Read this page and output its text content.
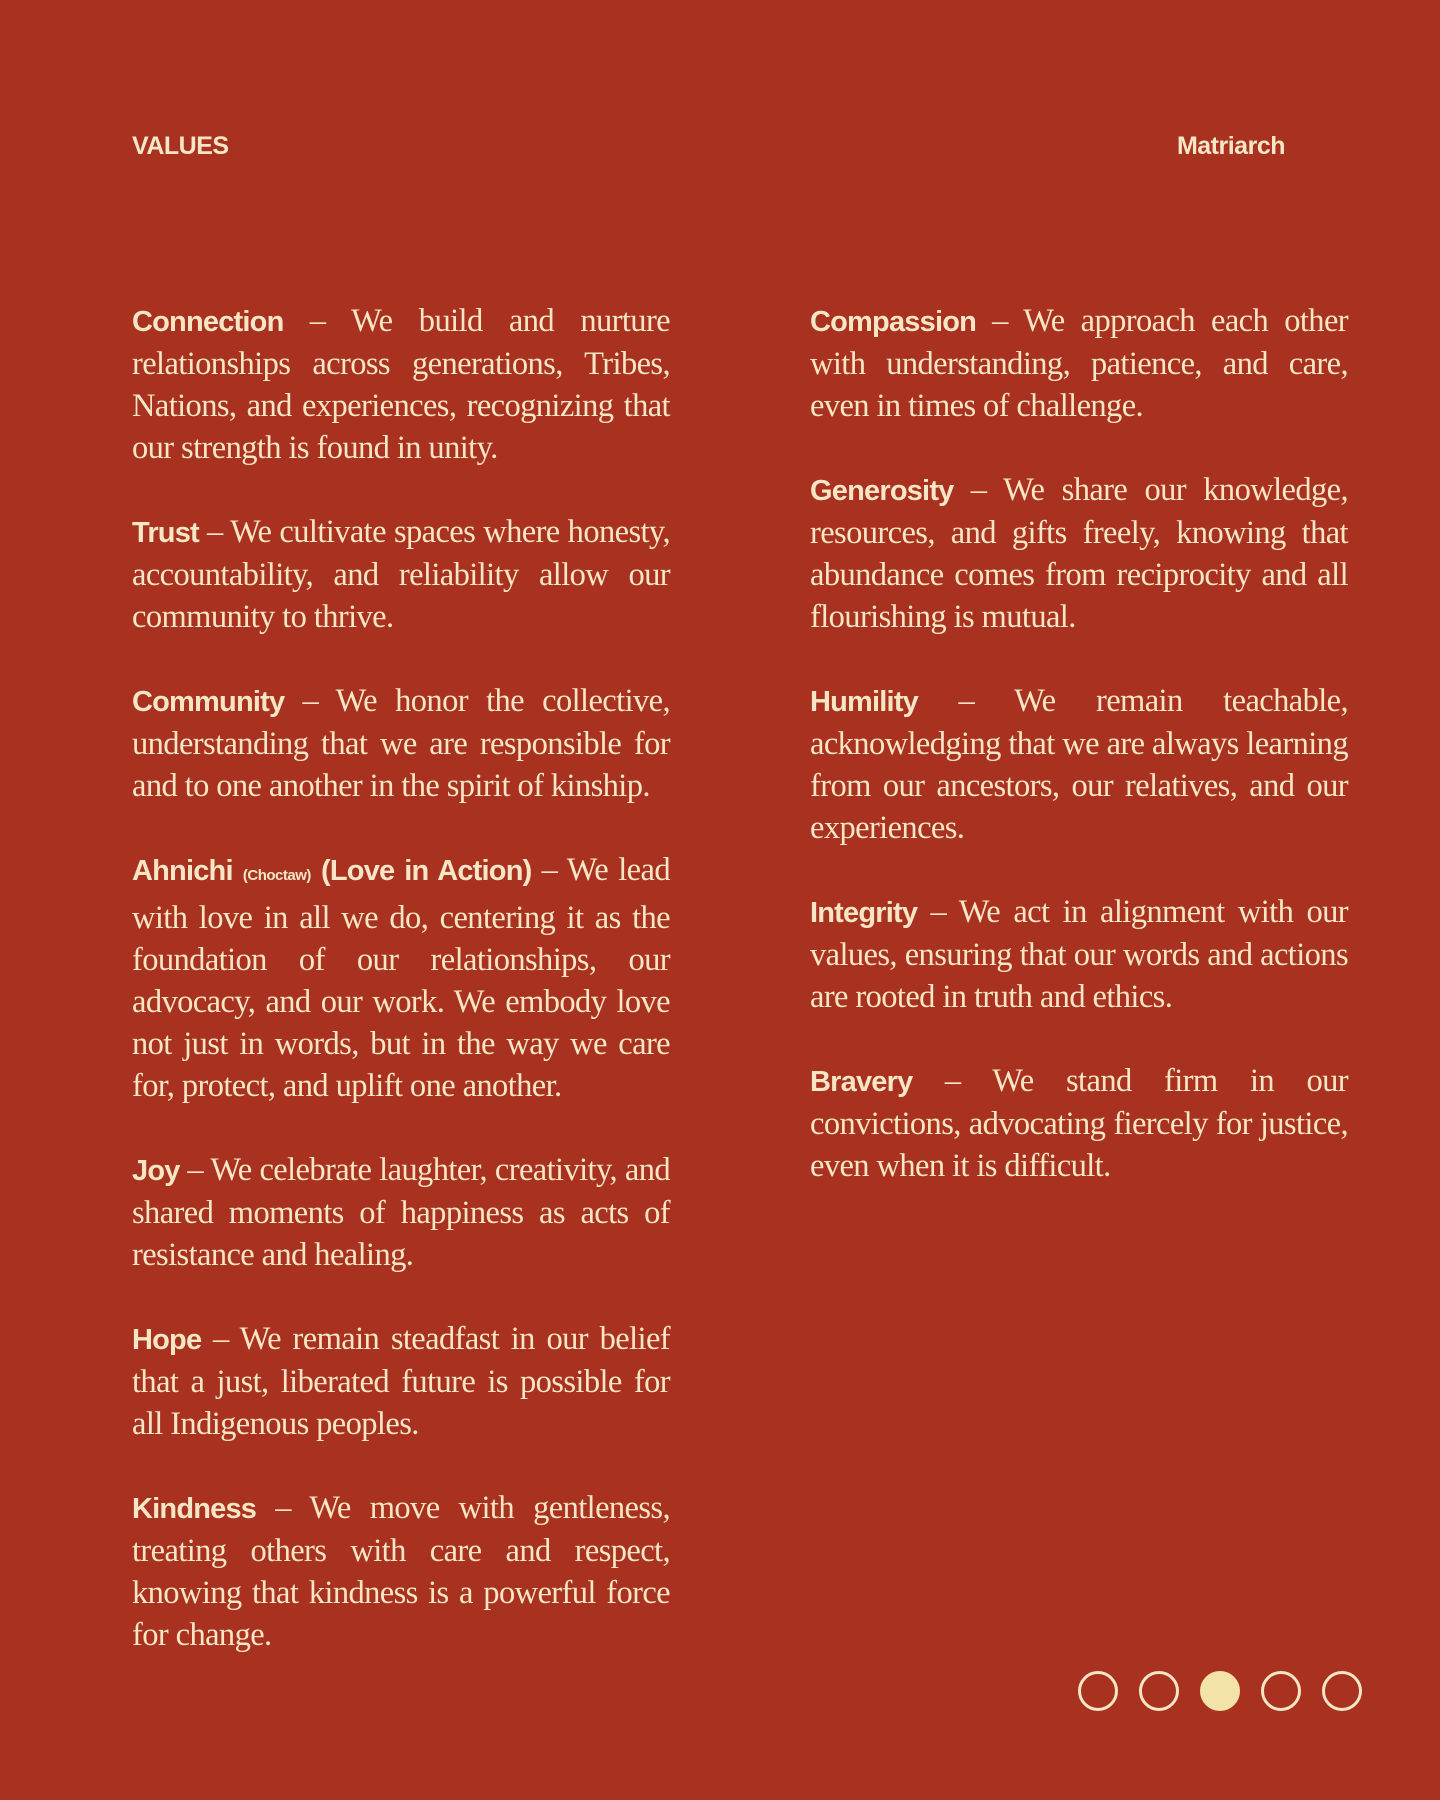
VALUES	Matriarch

Connection – We build and nurture relationships across generations, Tribes, Nations, and experiences, recognizing that our strength is found in unity.

Trust – We cultivate spaces where honesty, accountability, and reliability allow our community to thrive.

Community – We honor the collective, understanding that we are responsible for and to one another in the spirit of kinship.

Ahnichi (Choctaw) (Love in Action) – We lead with love in all we do, centering it as the foundation of our relationships, our advocacy, and our work. We embody love not just in words, but in the way we care for, protect, and uplift one another.

Joy – We celebrate laughter, creativity, and shared moments of happiness as acts of resistance and healing.

Hope – We remain steadfast in our belief that a just, liberated future is possible for all Indigenous peoples.

Kindness – We move with gentleness, treating others with care and respect, knowing that kindness is a powerful force for change.

Compassion – We approach each other with understanding, patience, and care, even in times of challenge.

Generosity – We share our knowledge, resources, and gifts freely, knowing that abundance comes from reciprocity and all flourishing is mutual.

Humility – We remain teachable, acknowledging that we are always learning from our ancestors, our relatives, and our experiences.

Integrity – We act in alignment with our values, ensuring that our words and actions are rooted in truth and ethics.

Bravery – We stand firm in our convictions, advocating fiercely for justice, even when it is difficult.
